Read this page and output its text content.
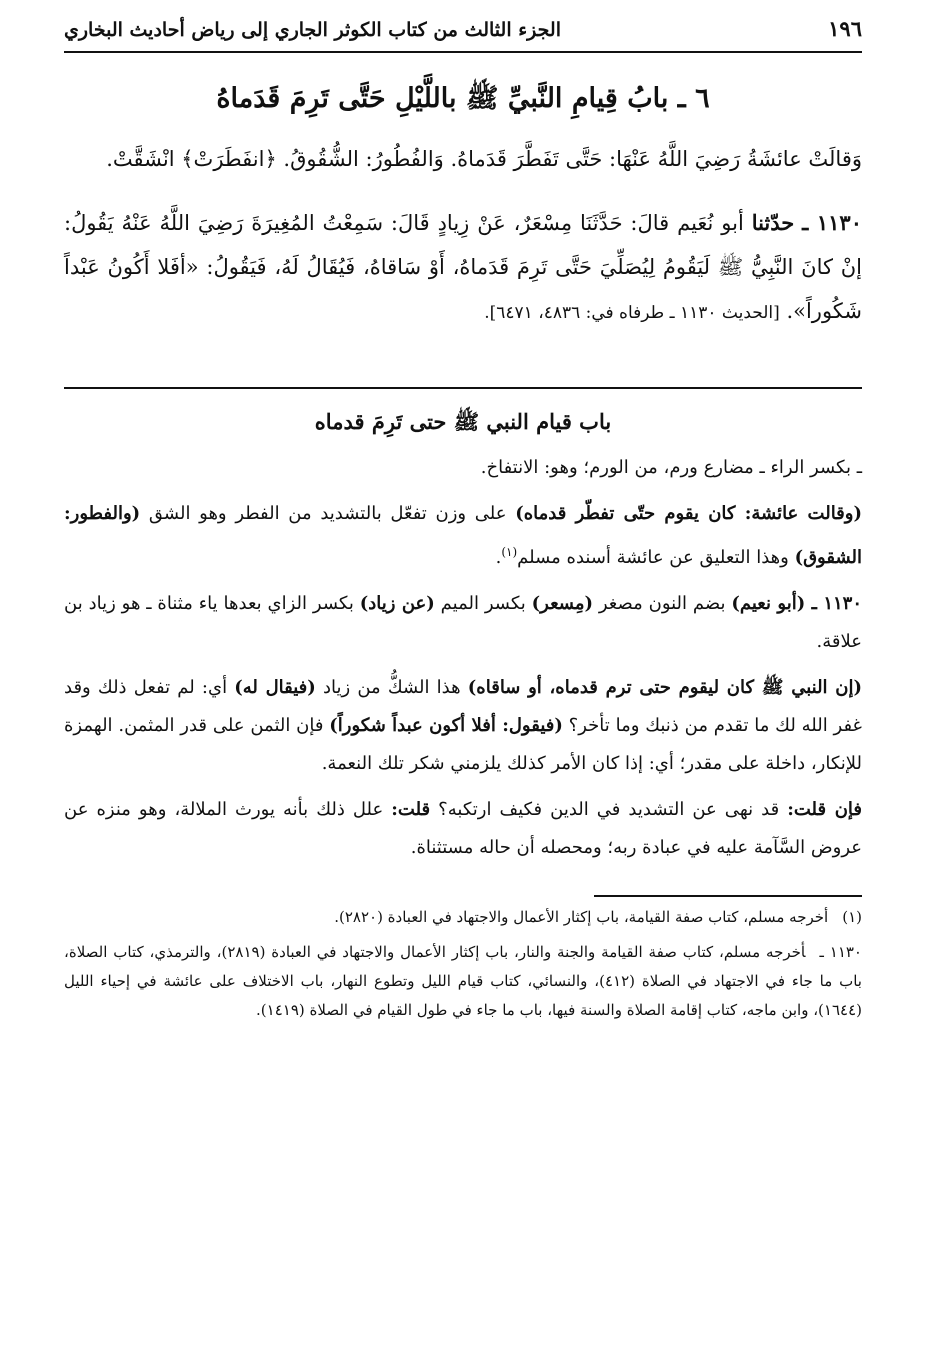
١٩٦
الجزء الثالث من كتاب الكوثر الجاري إلى رياض أحاديث البخاري
٦ ـ بابُ قِيامِ النَّبيِّ ﷺ باللَّيْلِ حَتَّى تَرِمَ قَدَماهُ
وَقالَتْ عائشَةُ رَضِيَ اللَّهُ عَنْهَا: حَتَّى تَفَطَّرَ قَدَماهُ. وَالفُطُورُ: الشُّقُوقُ. ﴿انفَطَرَتْ﴾ انْشَقَّتْ.
١١٣٠ ـ حدّثنا أبو نُعَيم قالَ: حَدَّثَنَا مِسْعَرٌ، عَنْ زِيادٍ قَالَ: سَمِعْتُ المُغِيرَةَ رَضِيَ اللَّهُ عَنْهُ يَقُولُ: إنْ كانَ النَّبِيُّ ﷺ لَيَقُومُ لِيُصَلِّيَ حَتَّى تَرِمَ قَدَماهُ، أَوْ سَاقاهُ، فَيُقَالُ لَهُ، فَيَقُولُ: «أفَلا أَكُونُ عَبْداً شَكُوراً». [الحديث ١١٣٠ ـ طرفاه في: ٤٨٣٦، ٦٤٧١].
باب قيام النبي ﷺ حتى تَرِمَ قدماه
ـ بكسر الراء ـ مضارع ورم، من الورم؛ وهو: الانتفاخ.
(وقالت عائشة: كان يقوم حتّى تفطّر قدماه) على وزن تفعّل بالتشديد من الفطر وهو الشق (والفطور: الشقوق) وهذا التعليق عن عائشة أسنده مسلم$^{(١)}$.
١١٣٠ ـ (أبو نعيم) بضم النون مصغر (مِسعر) بكسر الميم (عن زياد) بكسر الزاي بعدها ياء مثناة ـ هو زياد بن علاقة.
(إن النبي ﷺ كان ليقوم حتى ترم قدماه، أو ساقاه) هذا الشكُّ من زياد (فيقال له) أي: لم تفعل ذلك وقد غفر الله لك ما تقدم من ذنبك وما تأخر؟ (فيقول: أفلا أكون عبداً شكوراً) فإن الثمن على قدر المثمن. الهمزة للإنكار، داخلة على مقدر؛ أي: إذا كان الأمر كذلك يلزمني شكر تلك النعمة.
فإن قلت: قد نهى عن التشديد في الدين فكيف ارتكبه؟ قلت: علل ذلك بأنه يورث الملالة، وهو منزه عن عروض السَّآمة عليه في عبادة ربه؛ ومحصله أن حاله مستثناة.
(١)أخرجه مسلم، كتاب صفة القيامة، باب إكثار الأعمال والاجتهاد في العبادة (٢٨٢٠).
١١٣٠ ـأخرجه مسلم، كتاب صفة القيامة والجنة والنار، باب إكثار الأعمال والاجتهاد في العبادة (٢٨١٩)، والترمذي، كتاب الصلاة، باب ما جاء في الاجتهاد في الصلاة (٤١٢)، والنسائي، كتاب قيام الليل وتطوع النهار، باب الاختلاف على عائشة في إحياء الليل (١٦٤٤)، وابن ماجه، كتاب إقامة الصلاة والسنة فيها، باب ما جاء في طول القيام في الصلاة (١٤١٩).
